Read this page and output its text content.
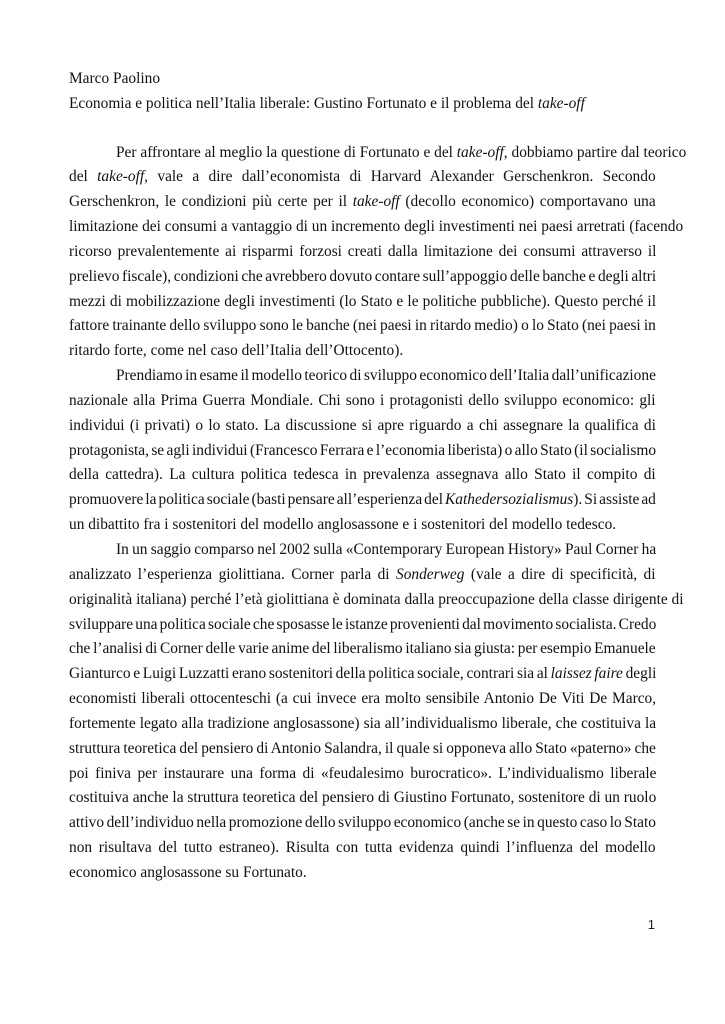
Marco Paolino

Economia e politica nell’Italia liberale: Gustino Fortunato e il problema del take-off

Per affrontare al meglio la questione di Fortunato e del take-off, dobbiamo partire dal teorico
del take-off, vale a dire dall’economista di Harvard Alexander Gerschenkron. Secondo
Gerschenkron, le condizioni più certe per il take-off (decollo economico) comportavano una
limitazione dei consumi a vantaggio di un incremento degli investimenti nei paesi arretrati (facendo
ricorso prevalentemente ai risparmi forzosi creati dalla limitazione dei consumi attraverso il
prelievo fiscale), condizioni che avrebbero dovuto contare sull’appoggio delle banche e degli altri
mezzi di mobilizzazione degli investimenti (lo Stato e le politiche pubbliche). Questo perché il
fattore trainante dello sviluppo sono le banche (nei paesi in ritardo medio) o lo Stato (nei paesi in
ritardo forte, come nel caso dell’Italia dell’Ottocento).

Prendiamo in esame il modello teorico di sviluppo economico dell’Italia dall’unificazione
nazionale alla Prima Guerra Mondiale. Chi sono i protagonisti dello sviluppo economico: gli
individui (i privati) o lo stato. La discussione si apre riguardo a chi assegnare la qualifica di
protagonista, se agli individui (Francesco Ferrara e l’economia liberista) o allo Stato (il socialismo
della cattedra). La cultura politica tedesca in prevalenza assegnava allo Stato il compito di
promuovere la politica sociale (basti pensare all’esperienza del Kathedersozialismus). Si assiste ad
un dibattito fra i sostenitori del modello anglosassone e i sostenitori del modello tedesco.

In un saggio comparso nel 2002 sulla «Contemporary European History» Paul Corner ha
analizzato l’esperienza giolittiana. Corner parla di Sonderweg (vale a dire di specificità, di
originalità italiana) perché l’età giolittiana è dominata dalla preoccupazione della classe dirigente di
sviluppare una politica sociale che sposasse le istanze provenienti dal movimento socialista. Credo
che l’analisi di Corner delle varie anime del liberalismo italiano sia giusta: per esempio Emanuele
Gianturco e Luigi Luzzatti erano sostenitori della politica sociale, contrari sia al laissez faire degli
economisti liberali ottocenteschi (a cui invece era molto sensibile Antonio De Viti De Marco,
fortemente legato alla tradizione anglosassone) sia all’individualismo liberale, che costituiva la
struttura teoretica del pensiero di Antonio Salandra, il quale si opponeva allo Stato «paterno» che
poi finiva per instaurare una forma di «feudalesimo burocratico». L’individualismo liberale
costituiva anche la struttura teoretica del pensiero di Giustino Fortunato, sostenitore di un ruolo
attivo dell’individuo nella promozione dello sviluppo economico (anche se in questo caso lo Stato
non risultava del tutto estraneo). Risulta con tutta evidenza quindi l’influenza del modello
economico anglosassone su Fortunato.

1
